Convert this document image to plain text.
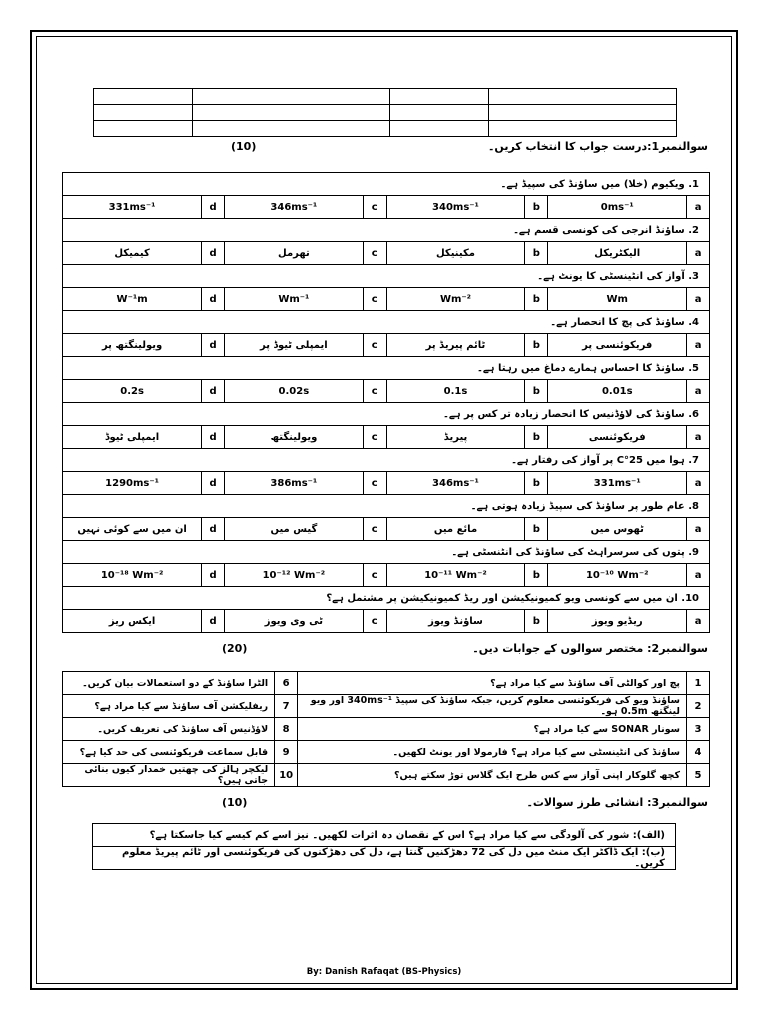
سوالنمبر1:درست جواب کا انتخاب کریں۔
(10)
1. ویکیوم (خلا) میں ساؤنڈ کی سپیڈ ہے۔							
a	0ms⁻¹	b	340ms⁻¹	c	346ms⁻¹	d	331ms⁻¹
2. ساؤنڈ انرجی کی کونسی قسم ہے۔							
a	الیکٹریکل	b	مکینیکل	c	تھرمل	d	کیمیکل
3. آواز کی انٹینسٹی کا یونٹ ہے۔							
a	Wm	b	Wm⁻²	c	Wm⁻¹	d	W⁻¹m
4. ساؤنڈ کی پچ کا انحصار ہے۔							
a	فریکوئنسی پر	b	ٹائم پیریڈ پر	c	ایمپلی ٹیوڈ پر	d	ویولینگتھ پر
5. ساؤنڈ کا احساس ہمارے دماغ میں رہتا ہے۔							
a	0.01s	b	0.1s	c	0.02s	d	0.2s
6. ساؤنڈ کی لاؤڈنیس کا انحصار زیادہ تر کس پر ہے۔							
a	فریکوئنسی	b	پیریڈ	c	ویولینگتھ	d	ایمپلی ٹیوڈ
7. ہوا میں 25°C پر آواز کی رفتار ہے۔							
a	331ms⁻¹	b	346ms⁻¹	c	386ms⁻¹	d	1290ms⁻¹
8. عام طور پر ساؤنڈ کی سپیڈ زیادہ ہوتی ہے۔							
a	ٹھوس میں	b	مائع میں	c	گیس میں	d	ان میں سے کوئی نہیں
9. پتوں کی سرسراہٹ کی ساؤنڈ کی انٹنسٹی ہے۔							
a	10⁻¹⁰ Wm⁻²	b	10⁻¹¹ Wm⁻²	c	10⁻¹² Wm⁻²	d	10⁻¹⁸ Wm⁻²
10. ان میں سے کونسی ویو کمیونیکیشن اور ریڈ کمیونیکیشن پر مشتمل ہے؟							
a	ریڈیو ویوز	b	ساؤنڈ ویوز	c	ٹی وی ویوز	d	ایکس ریز
سوالنمبر2: مختصر سوالوں کے جوابات دیں۔
(20)
1	پچ اور کوالٹی آف ساؤنڈ سے کیا مراد ہے؟	6	الٹرا ساؤنڈ کے دو استعمالات بیان کریں۔
2	ساؤنڈ ویو کی فریکوئنسی معلوم کریں، جبکہ ساؤنڈ کی سپیڈ 340ms⁻¹ اور ویو لینگتھ 0.5m ہو۔	7	ریفلیکشن آف ساؤنڈ سے کیا مراد ہے؟
3	سونار SONAR سے کیا مراد ہے؟	8	لاؤڈنیس آف ساؤنڈ کی تعریف کریں۔
4	ساؤنڈ کی انٹینسٹی سے کیا مراد ہے؟ فارمولا اور یونٹ لکھیں۔	9	قابل سماعت فریکوئنسی کی حد کیا ہے؟
5	کچھ گلوکار اپنی آواز سے کس طرح ایک گلاس توڑ سکتے ہیں؟	10	لیکچر ہالز کی چھتیں خمدار کیوں بنائی جاتی ہیں؟
سوالنمبر3: انشائی طرز سوالات۔
(10)
(الف): شور کی آلودگی سے کیا مراد ہے؟ اس کے نقصان دہ اثرات لکھیں۔ نیز اسے کم کیسے کیا جاسکتا ہے؟
(ب): ایک ڈاکٹر ایک منٹ میں دل کی 72 دھڑکنیں گنتا ہے، دل کی دھڑکنوں کی فریکوئنسی اور ٹائم پیریڈ معلوم کریں۔
By: Danish Rafaqat (BS-Physics)
